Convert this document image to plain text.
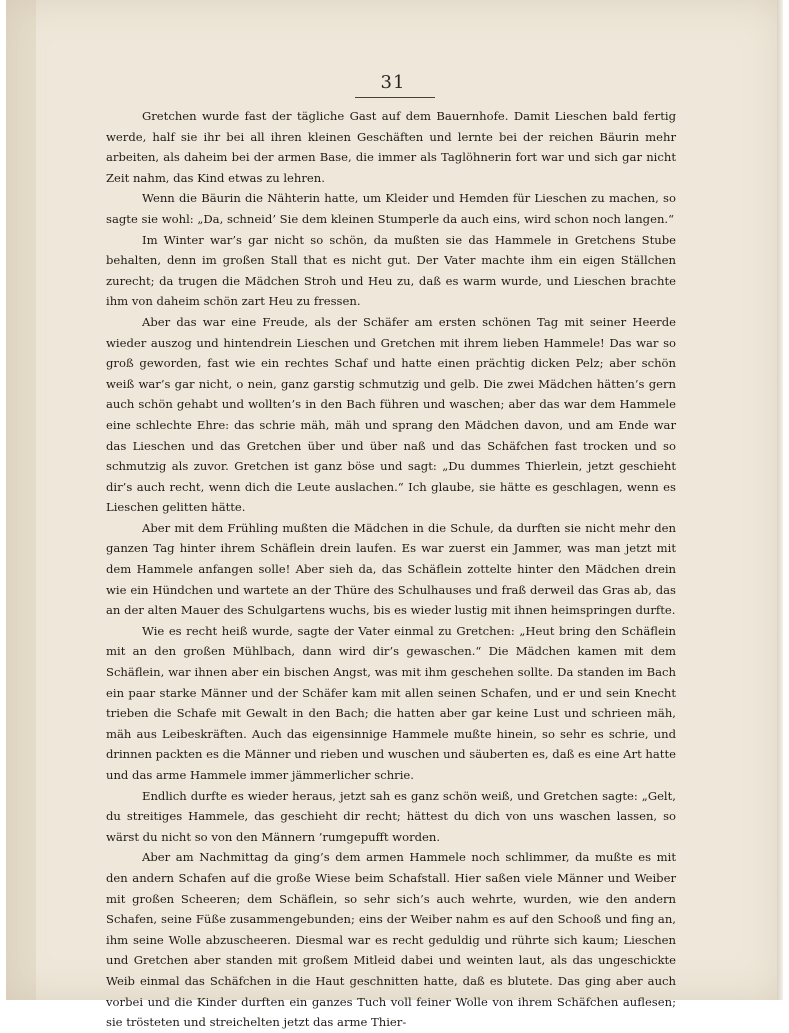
31

Gretchen wurde fast der tägliche Gast auf dem Bauernhofe. Damit Lieschen bald fertig werde, half sie ihr bei all ihren kleinen Geschäften und lernte bei der reichen Bäurin mehr arbeiten, als daheim bei der armen Base, die immer als Taglöhnerin fort war und sich gar nicht Zeit nahm, das Kind etwas zu lehren.

Wenn die Bäurin die Nähterin hatte, um Kleider und Hemden für Lieschen zu machen, so sagte sie wohl: „Da, schneid’ Sie dem kleinen Stumperle da auch eins, wird schon noch langen.“

Im Winter war’s gar nicht so schön, da mußten sie das Hammele in Gretchens Stube behalten, denn im großen Stall that es nicht gut. Der Vater machte ihm ein eigen Ställchen zurecht; da trugen die Mädchen Stroh und Heu zu, daß es warm wurde, und Lieschen brachte ihm von daheim schön zart Heu zu fressen.

Aber das war eine Freude, als der Schäfer am ersten schönen Tag mit seiner Heerde wieder auszog und hintendrein Lieschen und Gretchen mit ihrem lieben Hammele! Das war so groß geworden, fast wie ein rechtes Schaf und hatte einen prächtig dicken Pelz; aber schön weiß war’s gar nicht, o nein, ganz garstig schmutzig und gelb. Die zwei Mädchen hätten’s gern auch schön gehabt und wollten’s in den Bach führen und waschen; aber das war dem Hammele eine schlechte Ehre: das schrie mäh, mäh und sprang den Mädchen davon, und am Ende war das Lieschen und das Gretchen über und über naß und das Schäfchen fast trocken und so schmutzig als zuvor. Gretchen ist ganz böse und sagt: „Du dummes Thierlein, jetzt geschieht dir’s auch recht, wenn dich die Leute auslachen.“ Ich glaube, sie hätte es geschlagen, wenn es Lieschen gelitten hätte.

Aber mit dem Frühling mußten die Mädchen in die Schule, da durften sie nicht mehr den ganzen Tag hinter ihrem Schäflein drein laufen. Es war zuerst ein Jammer, was man jetzt mit dem Hammele anfangen solle! Aber sieh da, das Schäflein zottelte hinter den Mädchen drein wie ein Hündchen und wartete an der Thüre des Schulhauses und fraß derweil das Gras ab, das an der alten Mauer des Schulgartens wuchs, bis es wieder lustig mit ihnen heimspringen durfte.

Wie es recht heiß wurde, sagte der Vater einmal zu Gretchen: „Heut bring den Schäflein mit an den großen Mühlbach, dann wird dir’s gewaschen.“ Die Mädchen kamen mit dem Schäflein, war ihnen aber ein bischen Angst, was mit ihm geschehen sollte. Da standen im Bach ein paar starke Männer und der Schäfer kam mit allen seinen Schafen, und er und sein Knecht trieben die Schafe mit Gewalt in den Bach; die hatten aber gar keine Lust und schrieen mäh, mäh aus Leibeskräften. Auch das eigensinnige Hammele mußte hinein, so sehr es schrie, und drinnen packten es die Männer und rieben und wuschen und säuberten es, daß es eine Art hatte und das arme Hammele immer jämmerlicher schrie.

Endlich durfte es wieder heraus, jetzt sah es ganz schön weiß, und Gretchen sagte: „Gelt, du streitiges Hammele, das geschieht dir recht; hättest du dich von uns waschen lassen, so wärst du nicht so von den Männern ’rumgepufft worden.

Aber am Nachmittag da ging’s dem armen Hammele noch schlimmer, da mußte es mit den andern Schafen auf die große Wiese beim Schafstall. Hier saßen viele Männer und Weiber mit großen Scheeren; dem Schäflein, so sehr sich’s auch wehrte, wurden, wie den andern Schafen, seine Füße zusammengebunden; eins der Weiber nahm es auf den Schooß und fing an, ihm seine Wolle abzuscheeren. Diesmal war es recht geduldig und rührte sich kaum; Lieschen und Gretchen aber standen mit großem Mitleid dabei und weinten laut, als das ungeschickte Weib einmal das Schäfchen in die Haut geschnitten hatte, daß es blutete. Das ging aber auch vorbei und die Kinder durften ein ganzes Tuch voll feiner Wolle von ihrem Schäfchen auflesen; sie trösteten und streichelten jetzt das arme Thier-
